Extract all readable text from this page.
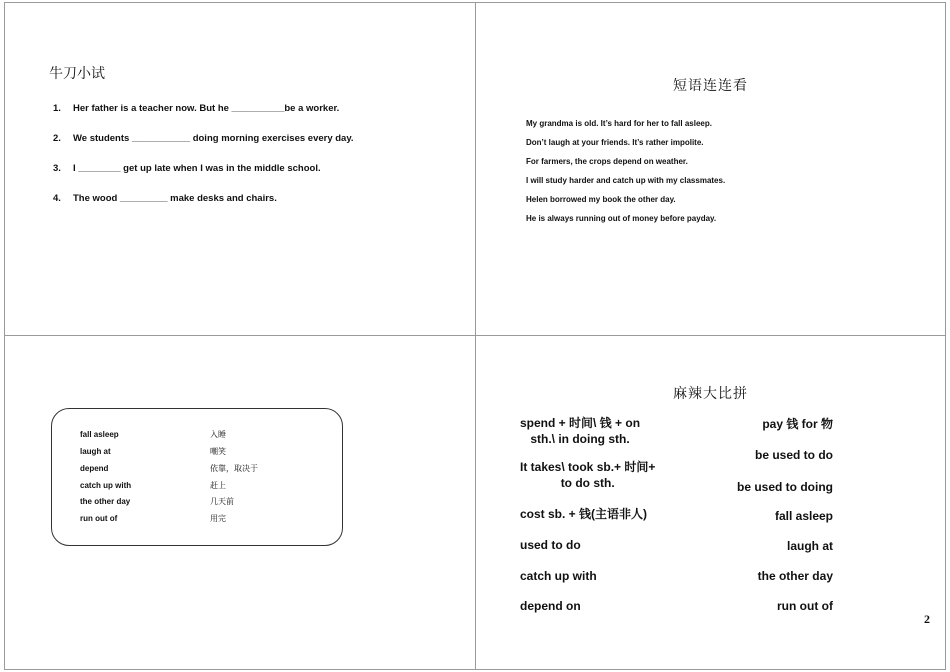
牛刀小试
1. Her father is a teacher now. But he __________be a worker.
2. We students ___________ doing morning exercises every day.
3. I ________ get up late when I was in the middle school.
4. The wood _________ make desks and chairs.
短语连连看
My grandma is old. It’s hard for her to fall asleep.
Don’t laugh at your friends. It’s rather impolite.
For farmers, the crops depend on weather.
I will study harder and catch up with my classmates.
Helen borrowed my book the other day.
He is always running out of money before payday.
fall asleep	入睡
laugh at	嘲笑
depend	依靠，取决于
catch up with	赶上
the other day	几天前
run out of	用完
麻辣大比拼
spend + 时间\ 钱 + on
sth.\ in doing sth.
It takes\ took sb.+ 时间+
to do sth.
cost sb. + 钱(主语非人)
used to do
catch up with
depend on
pay 钱 for 物
be used to do
be used to doing
fall asleep
laugh at
the other day
run out of
2
